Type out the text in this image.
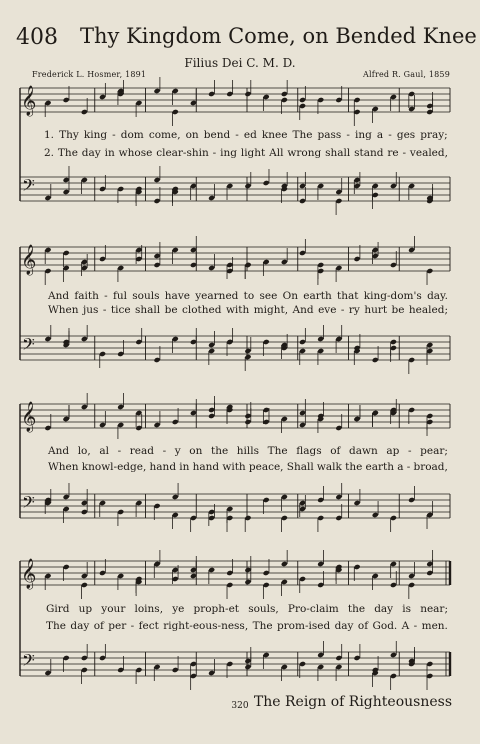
408 Thy Kingdom Come, on Bended Knee
Filius Dei C. M. D.
Frederick L. Hosmer, 1891	Alfred R. Gaul, 1859
𝄞
𝄢
𝄞
𝄢
𝄞
𝄢
𝄞
𝄢
1. Thy king - dom come, on bend - ed knee The pass - ing a - ges pray;
2. The day in whose clear-shin - ing light All wrong shall stand re - vealed,
And faith - ful souls have yearned to see On earth that king-dom's day.
When jus - tice shall be clothed with might, And eve - ry hurt be healed;
And lo, al - read - y on the hills The flags of dawn ap - pear;
When knowl-edge, hand in hand with peace, Shall walk the earth a - broad,
Gird up your loins, ye proph-et souls, Pro-claim the day is near;
The day of per - fect right-eous-ness, The prom-ised day of God. A - men.
320 The Reign of Righteousness
